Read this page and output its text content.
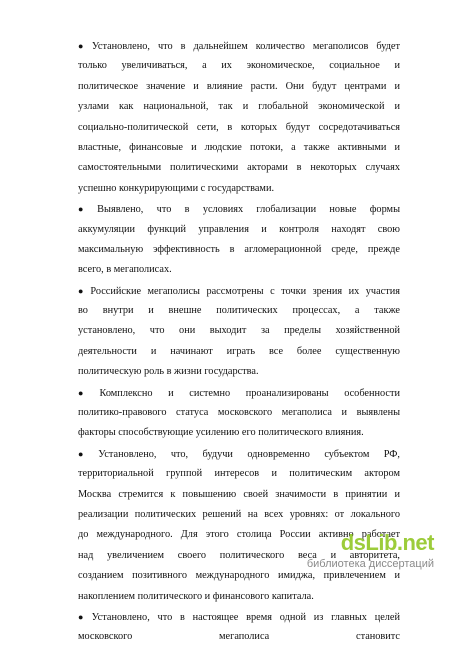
● Установлено, что в дальнейшем количество мегаполисов будет
только увеличиваться, а их экономическое, социальное и
политическое значение и влияние расти. Они будут центрами и
узлами как национальной, так и глобальной экономической и
социально-политической сети, в которых будут сосредотачиваться
властные, финансовые и людские потоки, а также активными и
самостоятельными политическими акторами в некоторых случаях
успешно конкурирующими с государствами.
● Выявлено, что в условиях глобализации новые формы
аккумуляции функций управления и контроля находят свою
максимальную эффективность в агломерационной среде, прежде
всего, в мегаполисах.
● Российские мегаполисы рассмотрены с точки зрения их участия
во внутри и внешне политических процессах, а также
установлено, что они выходит за пределы хозяйственной
деятельности и начинают играть все более существенную
политическую роль в жизни государства.
● Комплексно и системно проанализированы особенности
политико-правового статуса московского мегаполиса и выявлены
факторы способствующие усилению его политического влияния.
● Установлено, что, будучи одновременно субъектом РФ,
территориальной группой интересов и политическим актором
Москва стремится к повышению своей значимости в принятии и
реализации политических решений на всех уровнях: от локального
до международного. Для этого столица России активно работает
над увеличением своего политического веса и авторитета,
созданием позитивного международного имиджа, привлечением и
накоплением политического и финансового капитала.
● Установлено, что в настоящее время одной из главных целей
московского мегаполиса становитс
dsLib.net
библиотека диссертаций
